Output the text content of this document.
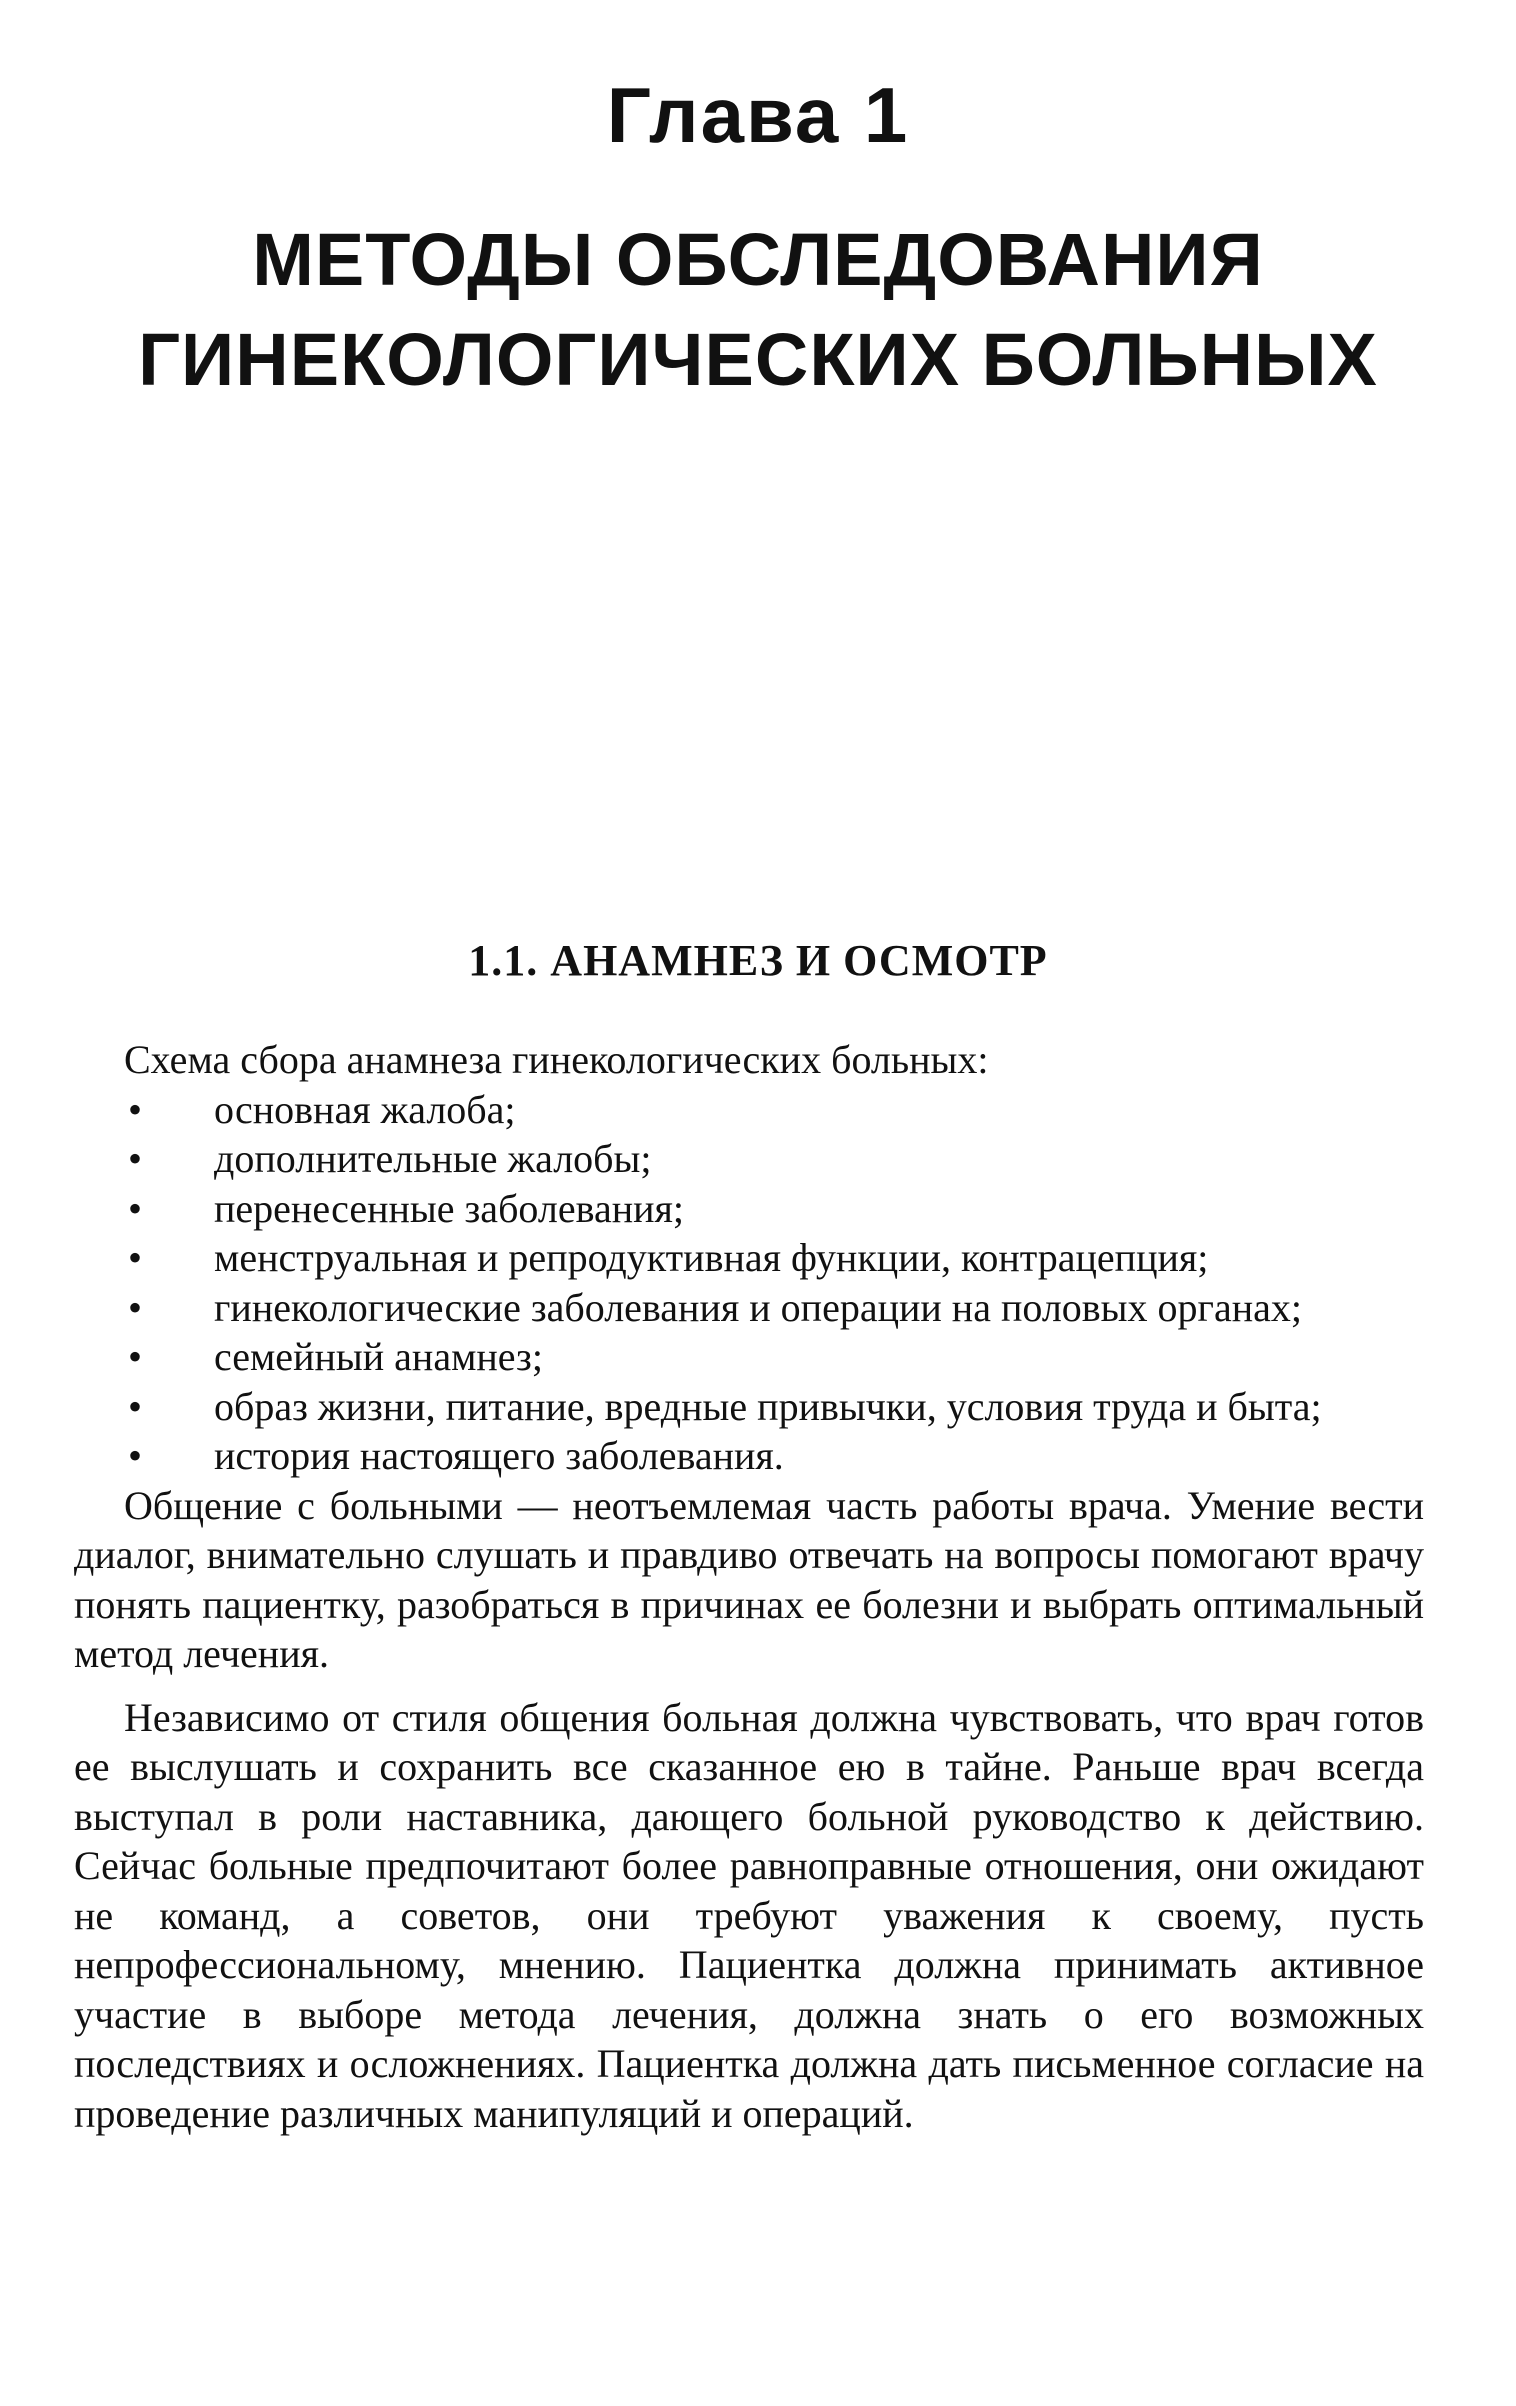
Глава 1
МЕТОДЫ ОБСЛЕДОВАНИЯ
ГИНЕКОЛОГИЧЕСКИХ БОЛЬНЫХ
1.1. АНАМНЕЗ И ОСМОТР

Схема сбора анамнеза гинекологических больных:

• основная жалоба;
• дополнительные жалобы;
• перенесенные заболевания;
• менструальная и репродуктивная функции, контрацепция;
• гинекологические заболевания и операции на половых органах;
• семейный анамнез;
• образ жизни, питание, вредные привычки, условия труда и быта;
• история настоящего заболевания.

Общение с больными — неотъемлемая часть работы врача. Умение вести диалог, внимательно слушать и правдиво отвечать на вопросы помогают врачу понять пациентку, разобраться в причинах ее болезни и выбрать оптимальный метод лечения.

Независимо от стиля общения больная должна чувствовать, что врач готов ее выслушать и сохранить все сказанное ею в тайне. Раньше врач всегда выступал в роли наставника, дающего больной руководство к действию. Сейчас больные предпочитают более равноправные отношения, они ожидают не команд, а советов, они требуют уважения к своему, пусть непрофессиональному, мнению. Пациентка должна принимать активное участие в выборе метода лечения, должна знать о его возможных последствиях и осложнениях. Пациентка должна дать письменное согласие на проведение различных манипуляций и операций.
